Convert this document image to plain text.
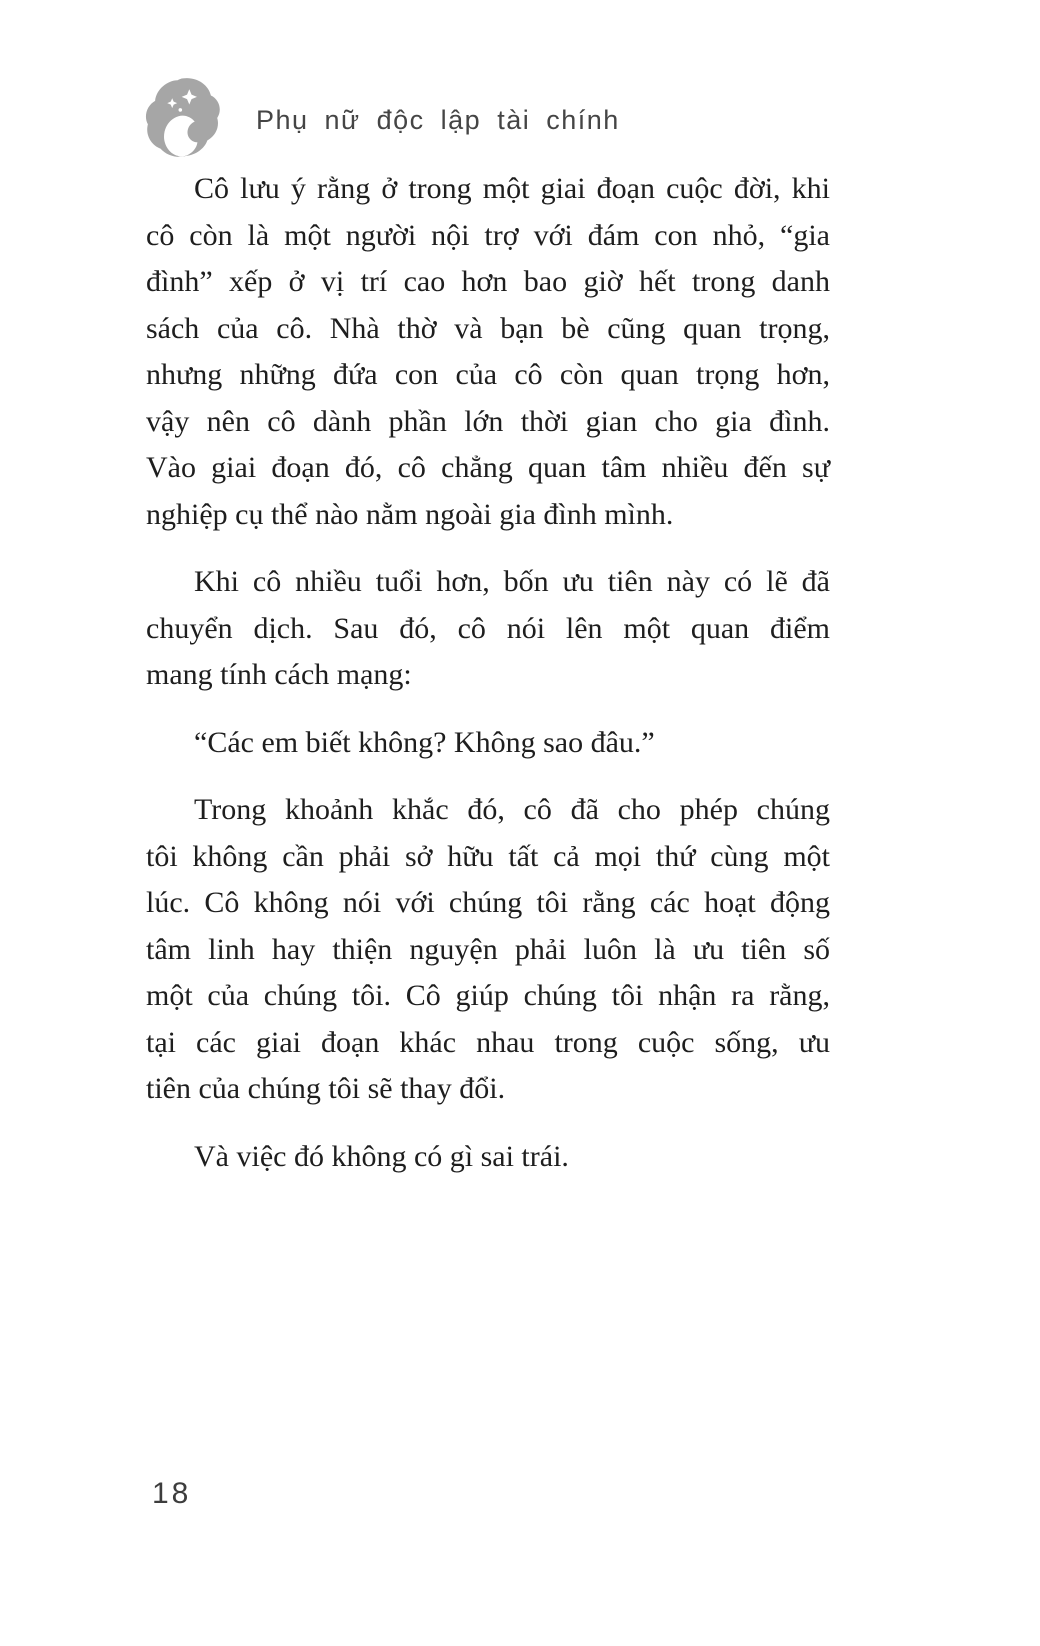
Phụ nữ độc lập tài chính
Cô lưu ý rằng ở trong một giai đoạn cuộc đời, khi
cô còn là một người nội trợ với đám con nhỏ, “gia
đình” xếp ở vị trí cao hơn bao giờ hết trong danh
sách của cô. Nhà thờ và bạn bè cũng quan trọng,
nhưng những đứa con của cô còn quan trọng hơn,
vậy nên cô dành phần lớn thời gian cho gia đình.
Vào giai đoạn đó, cô chẳng quan tâm nhiều đến sự
nghiệp cụ thể nào nằm ngoài gia đình mình.
Khi cô nhiều tuổi hơn, bốn ưu tiên này có lẽ đã
chuyển dịch. Sau đó, cô nói lên một quan điểm
mang tính cách mạng:
“Các em biết không? Không sao đâu.”
Trong khoảnh khắc đó, cô đã cho phép chúng
tôi không cần phải sở hữu tất cả mọi thứ cùng một
lúc. Cô không nói với chúng tôi rằng các hoạt động
tâm linh hay thiện nguyện phải luôn là ưu tiên số
một của chúng tôi. Cô giúp chúng tôi nhận ra rằng,
tại các giai đoạn khác nhau trong cuộc sống, ưu
tiên của chúng tôi sẽ thay đổi.
Và việc đó không có gì sai trái.
18
